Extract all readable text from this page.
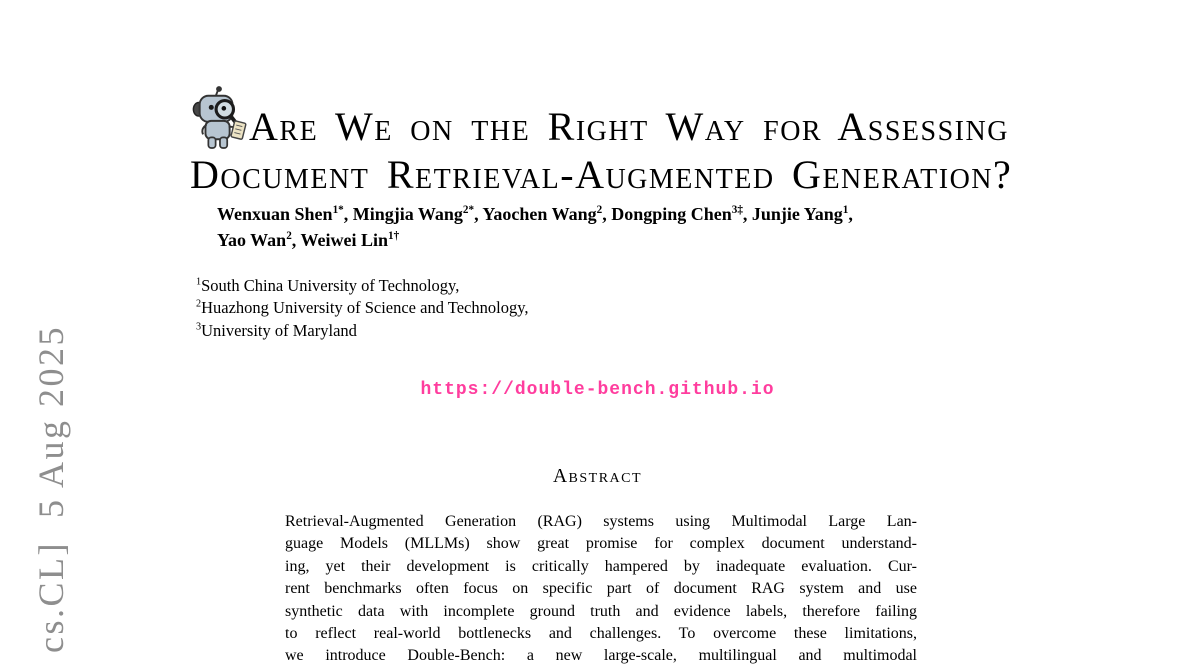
cs.CL]  5 Aug 2025
Are We on the Right Way for Assessing
Document Retrieval-Augmented Generation?
Wenxuan Shen$^{1*}$, Mingjia Wang$^{2*}$, Yaochen Wang$^2$, Dongping Chen$^{3\ddagger}$, Junjie Yang$^1$,
Yao Wan$^2$, Weiwei Lin$^{1\dagger}$
$^1$South China University of Technology,
$^2$Huazhong University of Science and Technology,
$^3$University of Maryland
https://double-bench.github.io
Abstract
Retrieval-Augmented Generation (RAG) systems using Multimodal Large Lan-
guage Models (MLLMs) show great promise for complex document understand-
ing, yet their development is critically hampered by inadequate evaluation. Cur-
rent benchmarks often focus on specific part of document RAG system and use
synthetic data with incomplete ground truth and evidence labels, therefore failing
to reflect real-world bottlenecks and challenges. To overcome these limitations,
we introduce Double-Bench: a new large-scale, multilingual and multimodal
